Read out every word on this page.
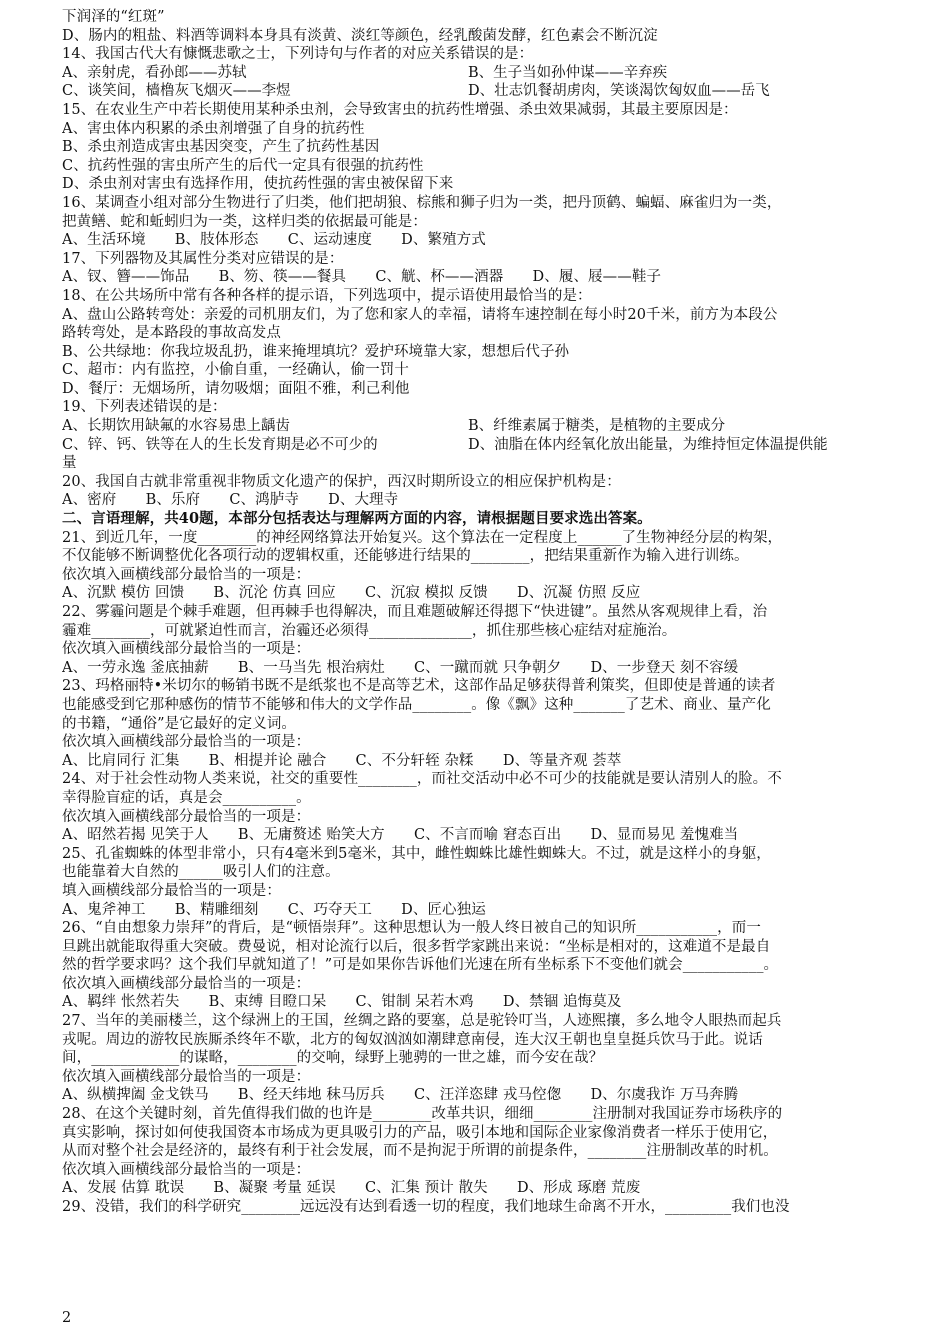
下润泽的“红斑”
D、肠内的粗盐、料酒等调料本身具有淡黄、淡红等颜色，经乳酸菌发酵，红色素会不断沉淀
14、我国古代大有慷慨悲歌之士，下列诗句与作者的对应关系错误的是：
A、亲射虎，看孙郎——苏轼	B、生子当如孙仲谋——辛弃疾
C、谈笑间，樯橹灰飞烟灭——李煜	D、壮志饥餐胡虏肉，笑谈渴饮匈奴血——岳飞
15、在农业生产中若长期使用某种杀虫剂，会导致害虫的抗药性增强、杀虫效果减弱，其最主要原因是：
A、害虫体内积累的杀虫剂增强了自身的抗药性
B、杀虫剂造成害虫基因突变，产生了抗药性基因
C、抗药性强的害虫所产生的后代一定具有很强的抗药性
D、杀虫剂对害虫有选择作用，使抗药性强的害虫被保留下来
16、某调查小组对部分生物进行了归类，他们把胡狼、棕熊和狮子归为一类，把丹顶鹤、蝙蝠、麻雀归为一类，
把黄鳝、蛇和蚯蚓归为一类，这样归类的依据最可能是：
A、生活环境　　B、肢体形态　　C、运动速度　　D、繁殖方式
17、下列器物及其属性分类对应错误的是：
A、钗、簪——饰品　　B、笏、筷——餐具　　C、觥、杯——酒器　　D、履、屐——鞋子
18、在公共场所中常有各种各样的提示语，下列选项中，提示语使用最恰当的是：
A、盘山公路转弯处：亲爱的司机朋友们，为了您和家人的幸福，请将车速控制在每小时20千米，前方为本段公
路转弯处，是本路段的事故高发点
B、公共绿地：你我垃圾乱扔，谁来掩埋填坑？爱护环境靠大家，想想后代子孙
C、超市：内有监控，小偷自重，一经确认，偷一罚十
D、餐厅：无烟场所，请勿吸烟；面阻不雅，利己利他
19、下列表述错误的是：
A、长期饮用缺氟的水容易患上龋齿	B、纤维素属于糖类，是植物的主要成分
C、锌、钙、铁等在人的生长发育期是必不可少的	D、油脂在体内经氧化放出能量，为维持恒定体温提供能
量
20、我国自古就非常重视非物质文化遗产的保护，西汉时期所设立的相应保护机构是：
A、密府　　B、乐府　　C、鸿胪寺　　D、大理寺
二、言语理解，共40题，本部分包括表达与理解两方面的内容，请根据题目要求选出答案。
21、到近几年，一度________的神经网络算法开始复兴。这个算法在一定程度上______了生物神经分层的构架，
不仅能够不断调整优化各项行动的逻辑权重，还能够进行结果的________，把结果重新作为输入进行训练。
依次填入画横线部分最恰当的一项是：
A、沉默 模仿 回馈　　B、沉沦 仿真 回应　　C、沉寂 模拟 反馈　　D、沉凝 仿照 反应
22、雾霾问题是个棘手难题，但再棘手也得解决，而且难题破解还得摁下“快进键”。虽然从客观规律上看，治
霾难________，可就紧迫性而言，治霾还必须得______________，抓住那些核心症结对症施治。
依次填入画横线部分最恰当的一项是：
A、一劳永逸 釜底抽薪　　B、一马当先 根治病灶　　C、一蹴而就 只争朝夕　　D、一步登天 刻不容缓
23、玛格丽特•米切尔的畅销书既不是纸浆也不是高等艺术，这部作品足够获得普利策奖，但即使是普通的读者
也能感受到它那种感伤的情节不能够和伟大的文学作品________。像《飘》这种_______了艺术、商业、量产化
的书籍，“通俗”是它最好的定义词。
依次填入画横线部分最恰当的一项是：
A、比肩同行 汇集　　B、相提并论 融合　　C、不分轩轾 杂糅　　D、等量齐观 荟萃
24、对于社会性动物人类来说，社交的重要性________，而社交活动中必不可少的技能就是要认清别人的脸。不
幸得脸盲症的话，真是会__________。
依次填入画横线部分最恰当的一项是：
A、昭然若揭 见笑于人　　B、无庸赘述 贻笑大方　　C、不言而喻 窘态百出　　D、显而易见 羞愧难当
25、孔雀蜘蛛的体型非常小，只有4毫米到5毫米，其中，雌性蜘蛛比雄性蜘蛛大。不过，就是这样小的身躯，
也能靠着大自然的______吸引人们的注意。
填入画横线部分最恰当的一项是：
A、鬼斧神工　　B、精雕细刻　　C、巧夺天工　　D、匠心独运
26、“自由想象力崇拜”的背后，是“顿悟崇拜”。这种思想认为一般人终日被自己的知识所___________，而一
旦跳出就能取得重大突破。费曼说，相对论流行以后，很多哲学家跳出来说：“坐标是相对的，这难道不是最自
然的哲学要求吗？这个我们早就知道了！”可是如果你告诉他们光速在所有坐标系下不变他们就会___________。
依次填入画横线部分最恰当的一项是：
A、羁绊 怅然若失　　B、束缚 目瞪口呆　　C、钳制 呆若木鸡　　D、禁锢 追悔莫及
27、当年的美丽楼兰，这个绿洲上的王国，丝绸之路的要塞，总是驼铃叮当，人迹熙攘，多么地令人眼热而起兵
戎呢。周边的游牧民族厮杀终年不歇，北方的匈奴汹汹如潮肆意南侵，连大汉王朝也皇皇挺兵饮马于此。说话
间，____________的谋略，________的交响，绿野上驰骋的一世之雄，而今安在哉？
依次填入画横线部分最恰当的一项是：
A、纵横捭阖 金戈铁马　　B、经天纬地 秣马厉兵　　C、汪洋恣肆 戎马倥偬　　D、尔虞我诈 万马奔腾
28、在这个关键时刻，首先值得我们做的也许是________改革共识，细细________注册制对我国证券市场秩序的
真实影响，探讨如何使我国资本市场成为更具吸引力的产品，吸引本地和国际企业家像消费者一样乐于使用它，
从而对整个社会是经济的，最终有利于社会发展，而不是拘泥于所谓的前提条件，________注册制改革的时机。
依次填入画横线部分最恰当的一项是：
A、发展 估算 耽误　　B、凝聚 考量 延误　　C、汇集 预计 散失　　D、形成 琢磨 荒废
29、没错，我们的科学研究________远远没有达到看透一切的程度，我们地球生命离不开水，_________我们也没
2
